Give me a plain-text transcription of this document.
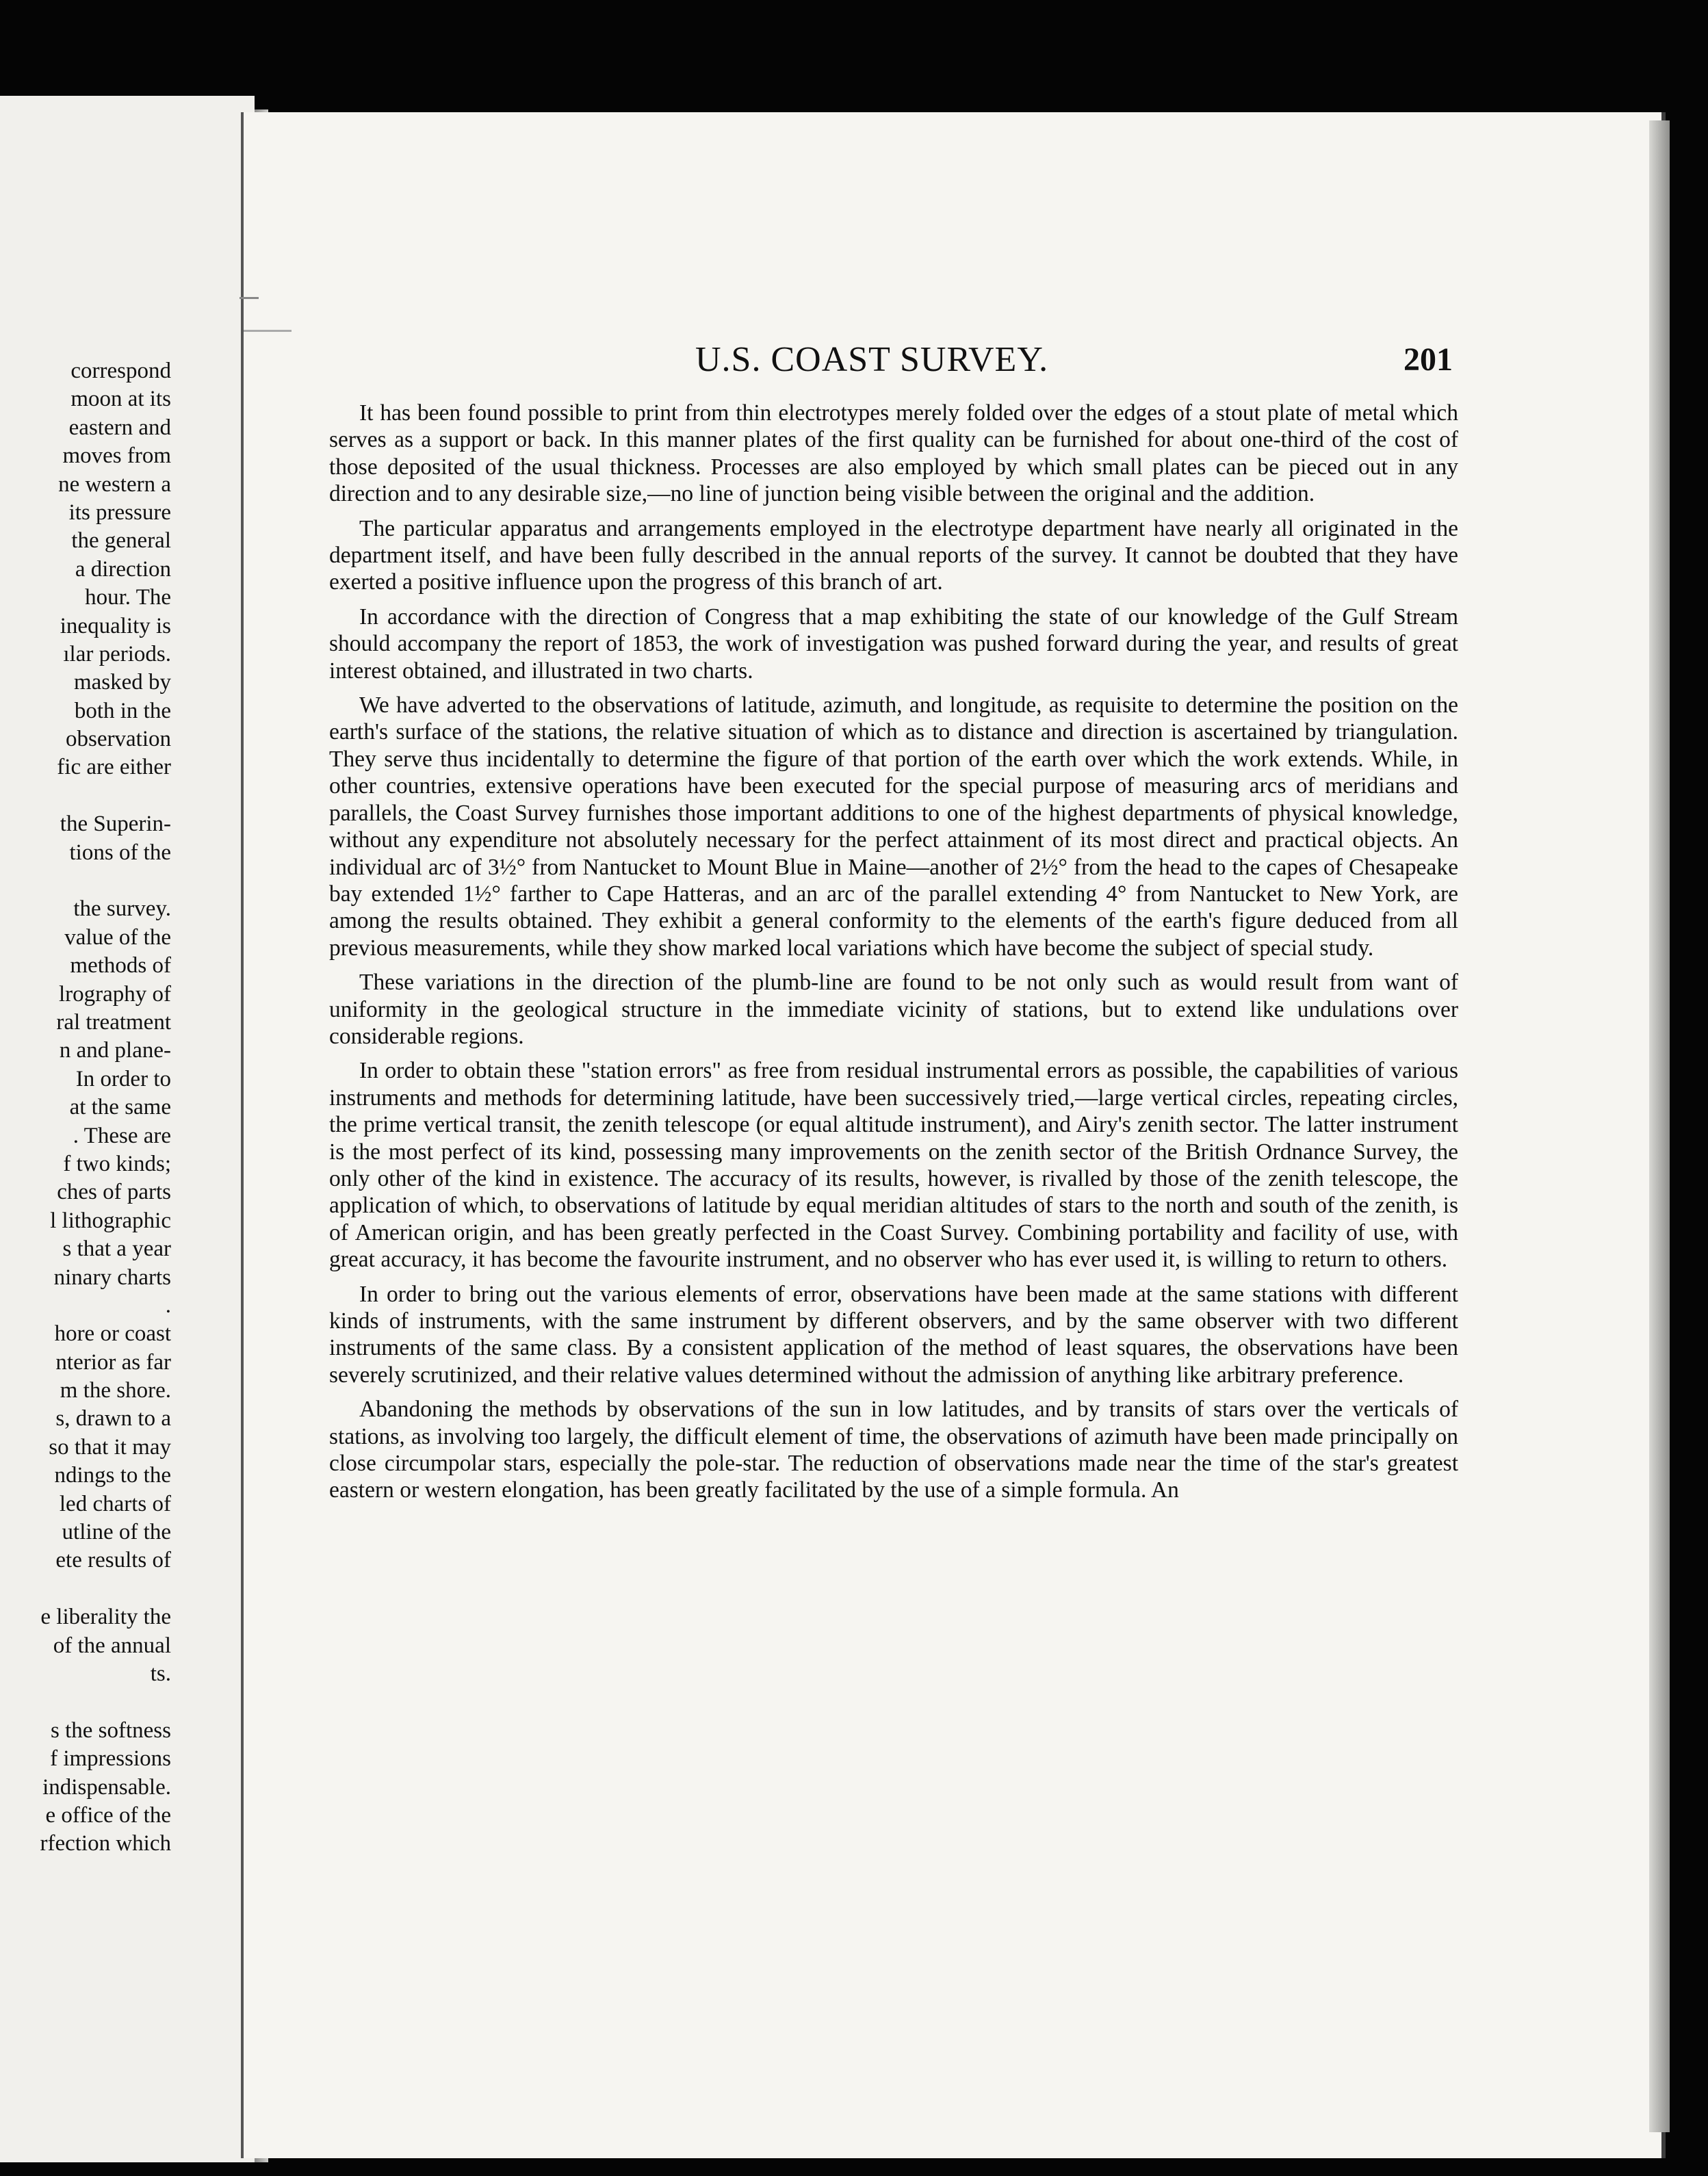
correspond
moon at its
eastern and
moves from
ne western a
its pressure
the general
a direction
hour. The
inequality is
ılar periods.
masked by
both in the
observation
fic are either
the Superin-
tions of the
the survey.
value of the
methods of
lrography of
ral treatment
n and plane-
In order to
at the same
. These are
f two kinds;
ches of parts
l lithographic
s that a year
ninary charts
.
hore or coast
nterior as far
m the shore.
s, drawn to a
so that it may
ndings to the
led charts of
utline of the
ete results of
e liberality the
of the annual
ts.
s the softness
f impressions
indispensable.
e office of the
rfection which
U.S. COAST SURVEY.	201

It has been found possible to print from thin electrotypes merely folded over the edges of a stout plate of metal which serves as a support or back. In this manner plates of the first quality can be furnished for about one-third of the cost of those deposited of the usual thickness. Processes are also employed by which small plates can be pieced out in any direction and to any desirable size,—no line of junction being visible between the original and the addition.

The particular apparatus and arrangements employed in the electrotype department have nearly all originated in the department itself, and have been fully described in the annual reports of the survey. It cannot be doubted that they have exerted a positive influence upon the progress of this branch of art.

In accordance with the direction of Congress that a map exhibiting the state of our knowledge of the Gulf Stream should accompany the report of 1853, the work of investigation was pushed forward during the year, and results of great interest obtained, and illustrated in two charts.

We have adverted to the observations of latitude, azimuth, and longitude, as requisite to determine the position on the earth's surface of the stations, the relative situation of which as to distance and direction is ascertained by triangulation. They serve thus incidentally to determine the figure of that portion of the earth over which the work extends. While, in other countries, extensive operations have been executed for the special purpose of measuring arcs of meridians and parallels, the Coast Survey furnishes those important additions to one of the highest departments of physical knowledge, without any expenditure not absolutely necessary for the perfect attainment of its most direct and practical objects. An individual arc of 3½° from Nantucket to Mount Blue in Maine—another of 2½° from the head to the capes of Chesapeake bay extended 1½° farther to Cape Hatteras, and an arc of the parallel extending 4° from Nantucket to New York, are among the results obtained. They exhibit a general conformity to the elements of the earth's figure deduced from all previous measurements, while they show marked local variations which have become the subject of special study.

These variations in the direction of the plumb-line are found to be not only such as would result from want of uniformity in the geological structure in the immediate vicinity of stations, but to extend like undulations over considerable regions.

In order to obtain these "station errors" as free from residual instrumental errors as possible, the capabilities of various instruments and methods for determining latitude, have been successively tried,—large vertical circles, repeating circles, the prime vertical transit, the zenith telescope (or equal altitude instrument), and Airy's zenith sector. The latter instrument is the most perfect of its kind, possessing many improvements on the zenith sector of the British Ordnance Survey, the only other of the kind in existence. The accuracy of its results, however, is rivalled by those of the zenith telescope, the application of which, to observations of latitude by equal meridian altitudes of stars to the north and south of the zenith, is of American origin, and has been greatly perfected in the Coast Survey. Combining portability and facility of use, with great accuracy, it has become the favourite instrument, and no observer who has ever used it, is willing to return to others.

In order to bring out the various elements of error, observations have been made at the same stations with different kinds of instruments, with the same instrument by different observers, and by the same observer with two different instruments of the same class. By a consistent application of the method of least squares, the observations have been severely scrutinized, and their relative values determined without the admission of anything like arbitrary preference.

Abandoning the methods by observations of the sun in low latitudes, and by transits of stars over the verticals of stations, as involving too largely, the difficult element of time, the observations of azimuth have been made principally on close circumpolar stars, especially the pole-star. The reduction of observations made near the time of the star's greatest eastern or western elongation, has been greatly facilitated by the use of a simple formula. An
